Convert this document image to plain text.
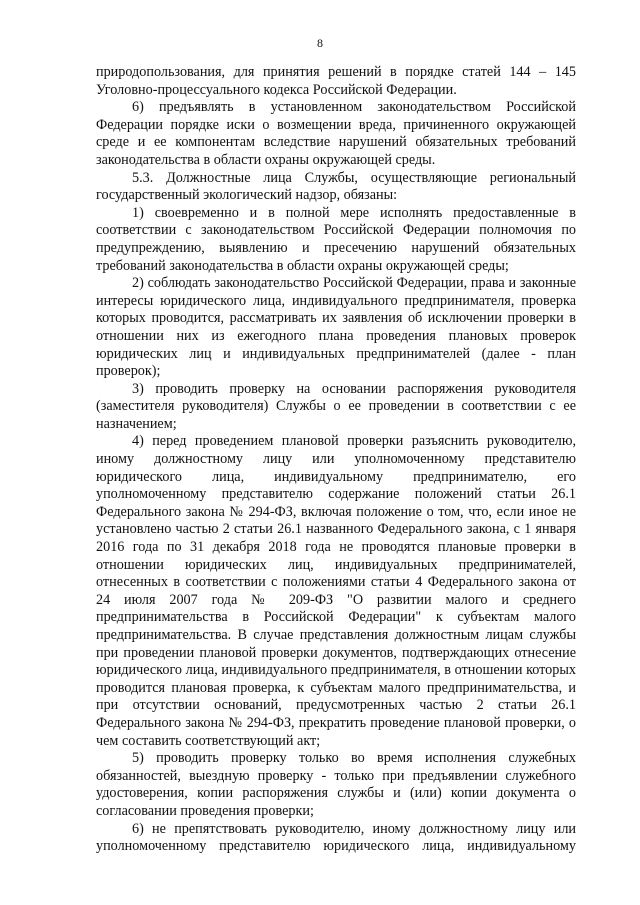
8

природопользования, для принятия решений в порядке статей 144 – 145 Уголовно-процессуального кодекса Российской Федерации.

6) предъявлять в установленном законодательством Российской Федерации порядке иски о возмещении вреда, причиненного окружающей среде и ее компонентам вследствие нарушений обязательных требований законодательства в области охраны окружающей среды.

5.3. Должностные лица Службы, осуществляющие региональный государственный экологический надзор, обязаны:

1) своевременно и в полной мере исполнять предоставленные в соответствии с законодательством Российской Федерации полномочия по предупреждению, выявлению и пресечению нарушений обязательных требований законодательства в области охраны окружающей среды;

2) соблюдать законодательство Российской Федерации, права и законные интересы юридического лица, индивидуального предпринимателя, проверка которых проводится, рассматривать их заявления об исключении проверки в отношении них из ежегодного плана проведения плановых проверок юридических лиц и индивидуальных предпринимателей (далее - план проверок);

3) проводить проверку на основании распоряжения руководителя (заместителя руководителя) Службы о ее проведении в соответствии с ее назначением;

4) перед проведением плановой проверки разъяснить руководителю, иному должностному лицу или уполномоченному представителю юридического лица, индивидуальному предпринимателю, его уполномоченному представителю содержание положений статьи 26.1 Федерального закона № 294-ФЗ, включая положение о том, что, если иное не установлено частью 2 статьи 26.1 названного Федерального закона, с 1 января 2016 года по 31 декабря 2018 года не проводятся плановые проверки в отношении юридических лиц, индивидуальных предпринимателей, отнесенных в соответствии с положениями статьи 4 Федерального закона от 24 июля 2007 года № 209-ФЗ "О развитии малого и среднего предпринимательства в Российской Федерации" к субъектам малого предпринимательства. В случае представления должностным лицам службы при проведении плановой проверки документов, подтверждающих отнесение юридического лица, индивидуального предпринимателя, в отношении которых проводится плановая проверка, к субъектам малого предпринимательства, и при отсутствии оснований, предусмотренных частью 2 статьи 26.1 Федерального закона № 294-ФЗ, прекратить проведение плановой проверки, о чем составить соответствующий акт;

5) проводить проверку только во время исполнения служебных обязанностей, выездную проверку - только при предъявлении служебного удостоверения, копии распоряжения службы и (или) копии документа о согласовании проведения проверки;

6) не препятствовать руководителю, иному должностному лицу или уполномоченному представителю юридического лица, индивидуальному
